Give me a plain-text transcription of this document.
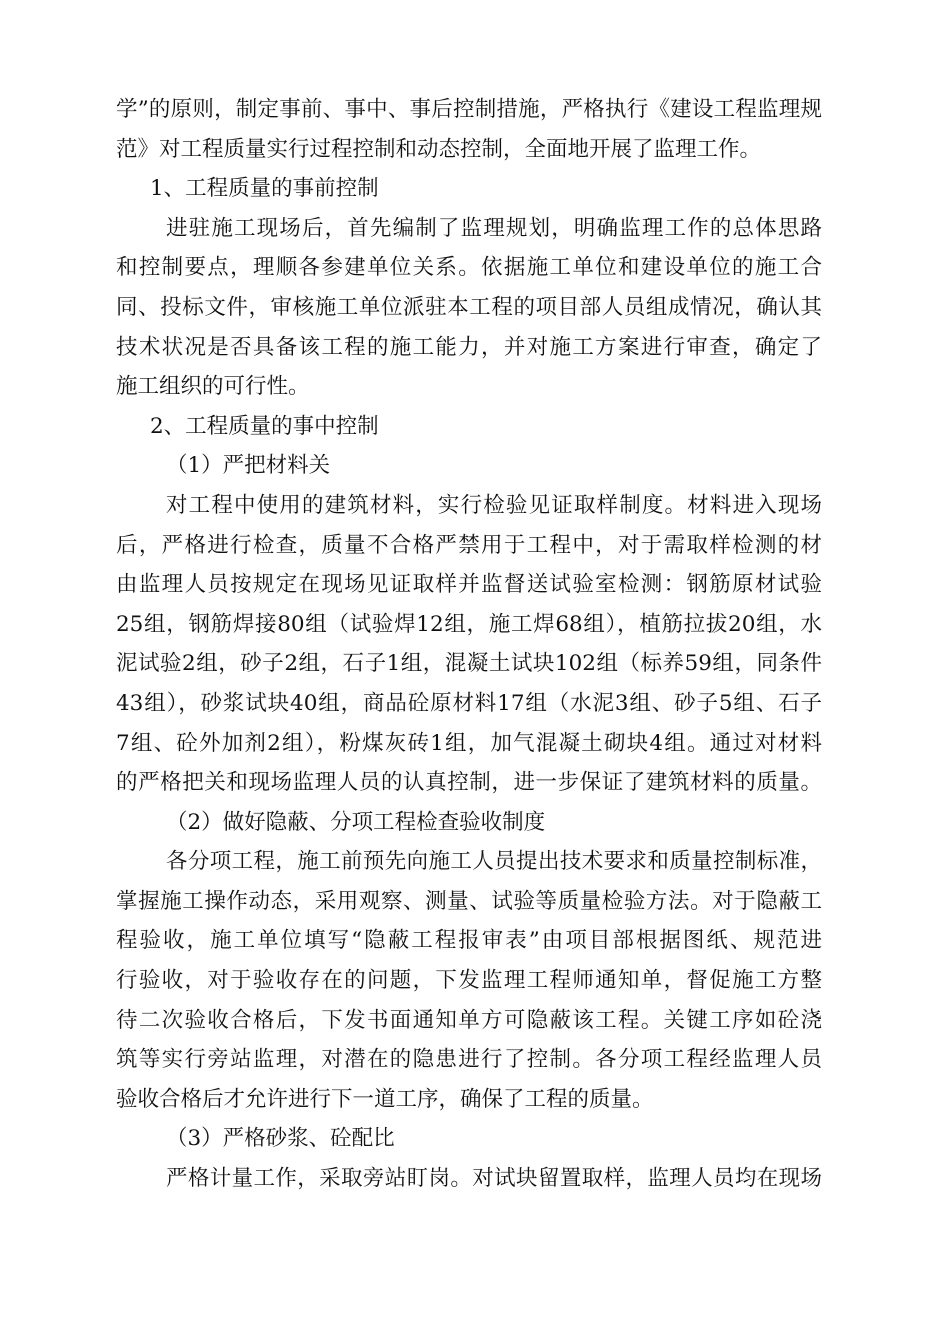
学”的原则，制定事前、事中、事后控制措施，严格执行《建设工程监理规
范》对工程质量实行过程控制和动态控制，全面地开展了监理工作。
1、工程质量的事前控制
进驻施工现场后，首先编制了监理规划，明确监理工作的总体思路
和控制要点，理顺各参建单位关系。依据施工单位和建设单位的施工合
同、投标文件，审核施工单位派驻本工程的项目部人员组成情况，确认其
技术状况是否具备该工程的施工能力，并对施工方案进行审查，确定了
施工组织的可行性。
2、工程质量的事中控制
（1）严把材料关
对工程中使用的建筑材料，实行检验见证取样制度。材料进入现场
后，严格进行检查，质量不合格严禁用于工程中，对于需取样检测的材
由监理人员按规定在现场见证取样并监督送试验室检测：钢筋原材试验
25组，钢筋焊接80组（试验焊12组，施工焊68组），植筋拉拔20组，水
泥试验2组，砂子2组，石子1组，混凝土试块102组（标养59组，同条件
43组），砂浆试块40组，商品砼原材料17组（水泥3组、砂子5组、石子
7组、砼外加剂2组），粉煤灰砖1组，加气混凝土砌块4组。通过对材料
的严格把关和现场监理人员的认真控制，进一步保证了建筑材料的质量。
（2）做好隐蔽、分项工程检查验收制度
各分项工程，施工前预先向施工人员提出技术要求和质量控制标准，
掌握施工操作动态，采用观察、测量、试验等质量检验方法。对于隐蔽工
程验收，施工单位填写“隐蔽工程报审表”由项目部根据图纸、规范进
行验收，对于验收存在的问题，下发监理工程师通知单，督促施工方整
待二次验收合格后，下发书面通知单方可隐蔽该工程。关键工序如砼浇
筑等实行旁站监理，对潜在的隐患进行了控制。各分项工程经监理人员
验收合格后才允许进行下一道工序，确保了工程的质量。
（3）严格砂浆、砼配比
严格计量工作，采取旁站盯岗。对试块留置取样，监理人员均在现场
